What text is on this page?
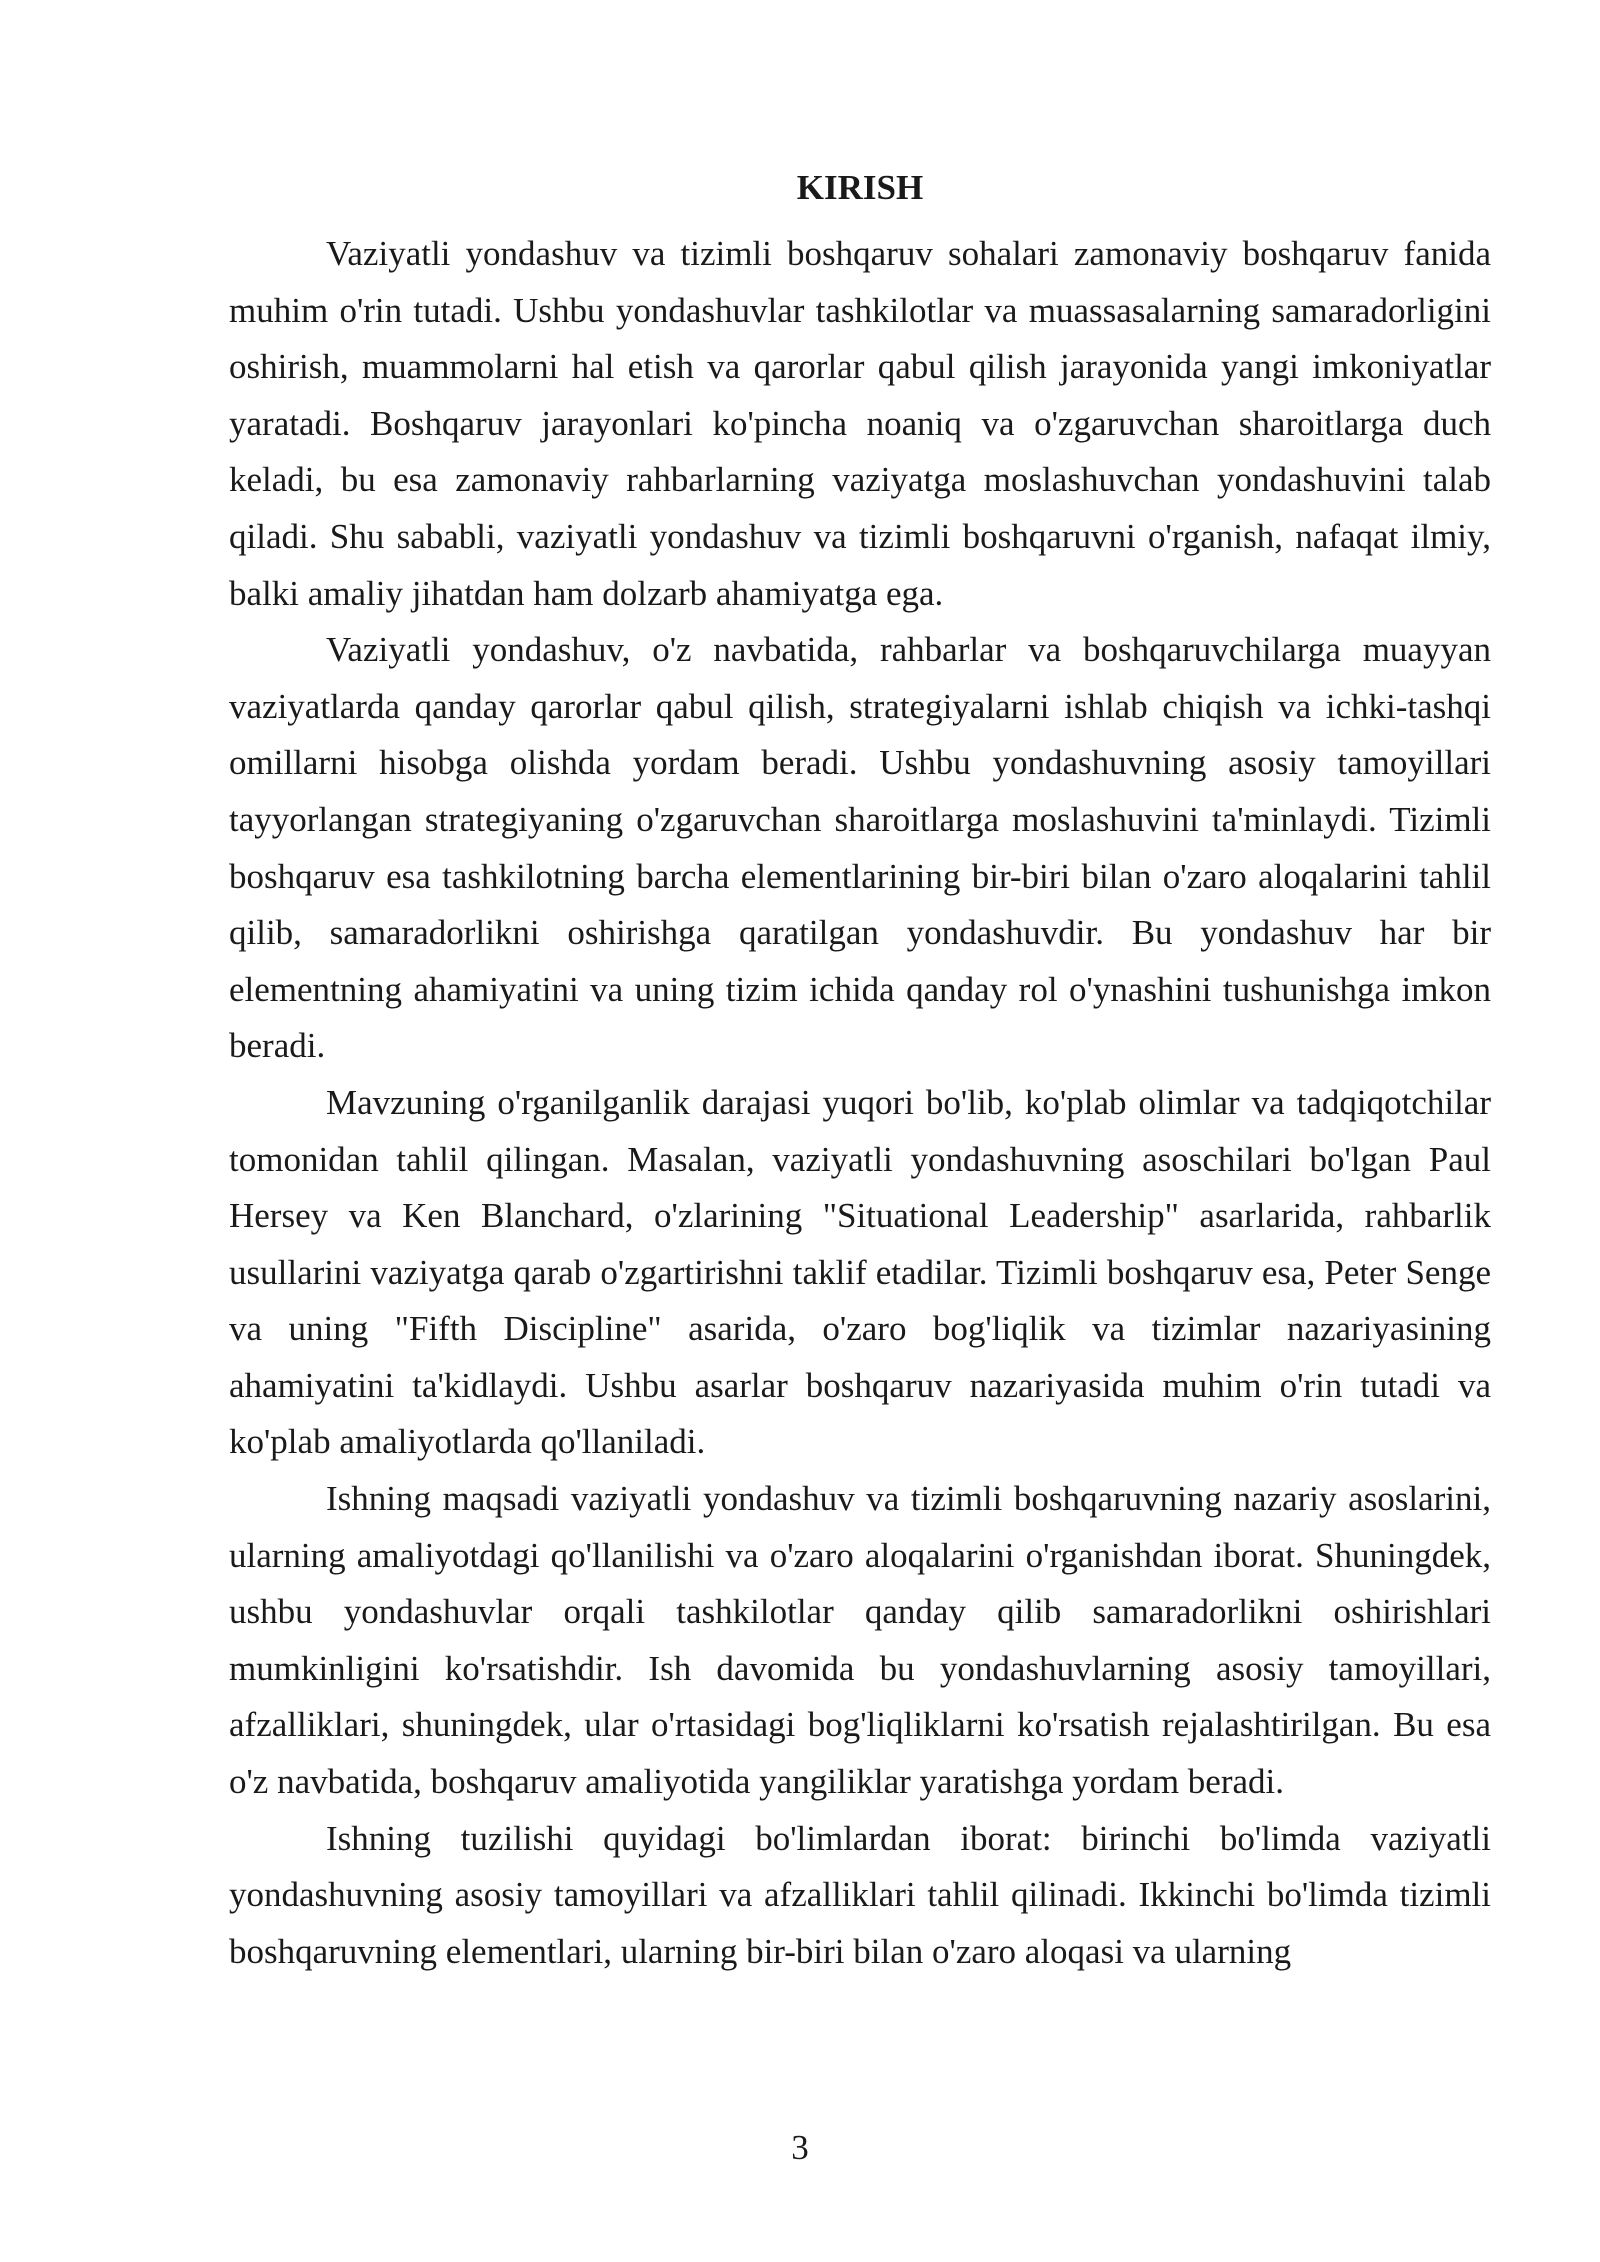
KIRISH

Vaziyatli yondashuv va tizimli boshqaruv sohalari zamonaviy boshqaruv fanida muhim o'rin tutadi. Ushbu yondashuvlar tashkilotlar va muassasalarning samaradorligini oshirish, muammolarni hal etish va qarorlar qabul qilish jarayonida yangi imkoniyatlar yaratadi. Boshqaruv jarayonlari ko'pincha noaniq va o'zgaruvchan sharoitlarga duch keladi, bu esa zamonaviy rahbarlarning vaziyatga moslashuvchan yondashuvini talab qiladi. Shu sababli, vaziyatli yondashuv va tizimli boshqaruvni o'rganish, nafaqat ilmiy, balki amaliy jihatdan ham dolzarb ahamiyatga ega.

Vaziyatli yondashuv, o'z navbatida, rahbarlar va boshqaruvchilarga muayyan vaziyatlarda qanday qarorlar qabul qilish, strategiyalarni ishlab chiqish va ichki-tashqi omillarni hisobga olishda yordam beradi. Ushbu yondashuvning asosiy tamoyillari tayyorlangan strategiyaning o'zgaruvchan sharoitlarga moslashuvini ta'minlaydi. Tizimli boshqaruv esa tashkilotning barcha elementlarining bir-biri bilan o'zaro aloqalarini tahlil qilib, samaradorlikni oshirishga qaratilgan yondashuvdir. Bu yondashuv har bir elementning ahamiyatini va uning tizim ichida qanday rol o'ynashini tushunishga imkon beradi.

Mavzuning o'rganilganlik darajasi yuqori bo'lib, ko'plab olimlar va tadqiqotchilar tomonidan tahlil qilingan. Masalan, vaziyatli yondashuvning asoschilari bo'lgan Paul Hersey va Ken Blanchard, o'zlarining "Situational Leadership" asarlarida, rahbarlik usullarini vaziyatga qarab o'zgartirishni taklif etadilar. Tizimli boshqaruv esa, Peter Senge va uning "Fifth Discipline" asarida, o'zaro bog'liqlik va tizimlar nazariyasining ahamiyatini ta'kidlaydi. Ushbu asarlar boshqaruv nazariyasida muhim o'rin tutadi va ko'plab amaliyotlarda qo'llaniladi.

Ishning maqsadi vaziyatli yondashuv va tizimli boshqaruvning nazariy asoslarini, ularning amaliyotdagi qo'llanilishi va o'zaro aloqalarini o'rganishdan iborat. Shuningdek, ushbu yondashuvlar orqali tashkilotlar qanday qilib samaradorlikni oshirishlari mumkinligini ko'rsatishdir. Ish davomida bu yondashuvlarning asosiy tamoyillari, afzalliklari, shuningdek, ular o'rtasidagi bog'liqliklarni ko'rsatish rejalashtirilgan. Bu esa o'z navbatida, boshqaruv amaliyotida yangiliklar yaratishga yordam beradi.

Ishning tuzilishi quyidagi bo'limlardan iborat: birinchi bo'limda vaziyatli yondashuvning asosiy tamoyillari va afzalliklari tahlil qilinadi. Ikkinchi bo'limda tizimli boshqaruvning elementlari, ularning bir-biri bilan o'zaro aloqasi va ularning

3
